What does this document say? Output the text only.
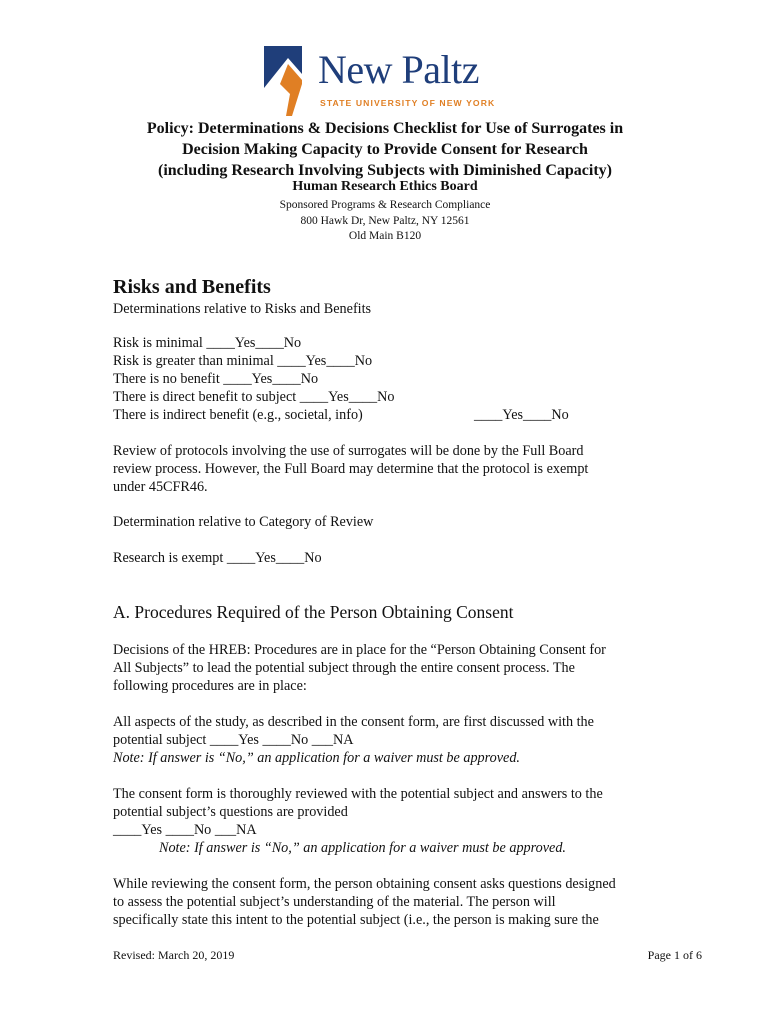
New Paltz
STATE UNIVERSITY OF NEW YORK
Policy: Determinations & Decisions Checklist for Use of Surrogates in
Decision Making Capacity to Provide Consent for Research
(including Research Involving Subjects with Diminished Capacity)
Human Research Ethics Board
Sponsored Programs & Research Compliance
800 Hawk Dr, New Paltz, NY 12561
Old Main B120
Risks and Benefits
Determinations relative to Risks and Benefits
Risk is minimal ____Yes____No
Risk is greater than minimal ____Yes____No
There is no benefit ____Yes____No
There is direct benefit to subject ____Yes____No
There is indirect benefit (e.g., societal, info)	____Yes____No
Review of protocols involving the use of surrogates will be done by the Full Board
review process. However, the Full Board may determine that the protocol is exempt
under 45CFR46.
Determination relative to Category of Review
Research is exempt ____Yes____No
A. Procedures Required of the Person Obtaining Consent
Decisions of the HREB: Procedures are in place for the “Person Obtaining Consent for
All Subjects” to lead the potential subject through the entire consent process. The
following procedures are in place:
All aspects of the study, as described in the consent form, are first discussed with the
potential subject ____Yes ____No ___NA
Note: If answer is “No,” an application for a waiver must be approved.
The consent form is thoroughly reviewed with the potential subject and answers to the
potential subject’s questions are provided
____Yes ____No ___NA
Note: If answer is “No,” an application for a waiver must be approved.
While reviewing the consent form, the person obtaining consent asks questions designed
to assess the potential subject’s understanding of the material. The person will
specifically state this intent to the potential subject (i.e., the person is making sure the
Revised: March 20, 2019	Page 1 of 6
